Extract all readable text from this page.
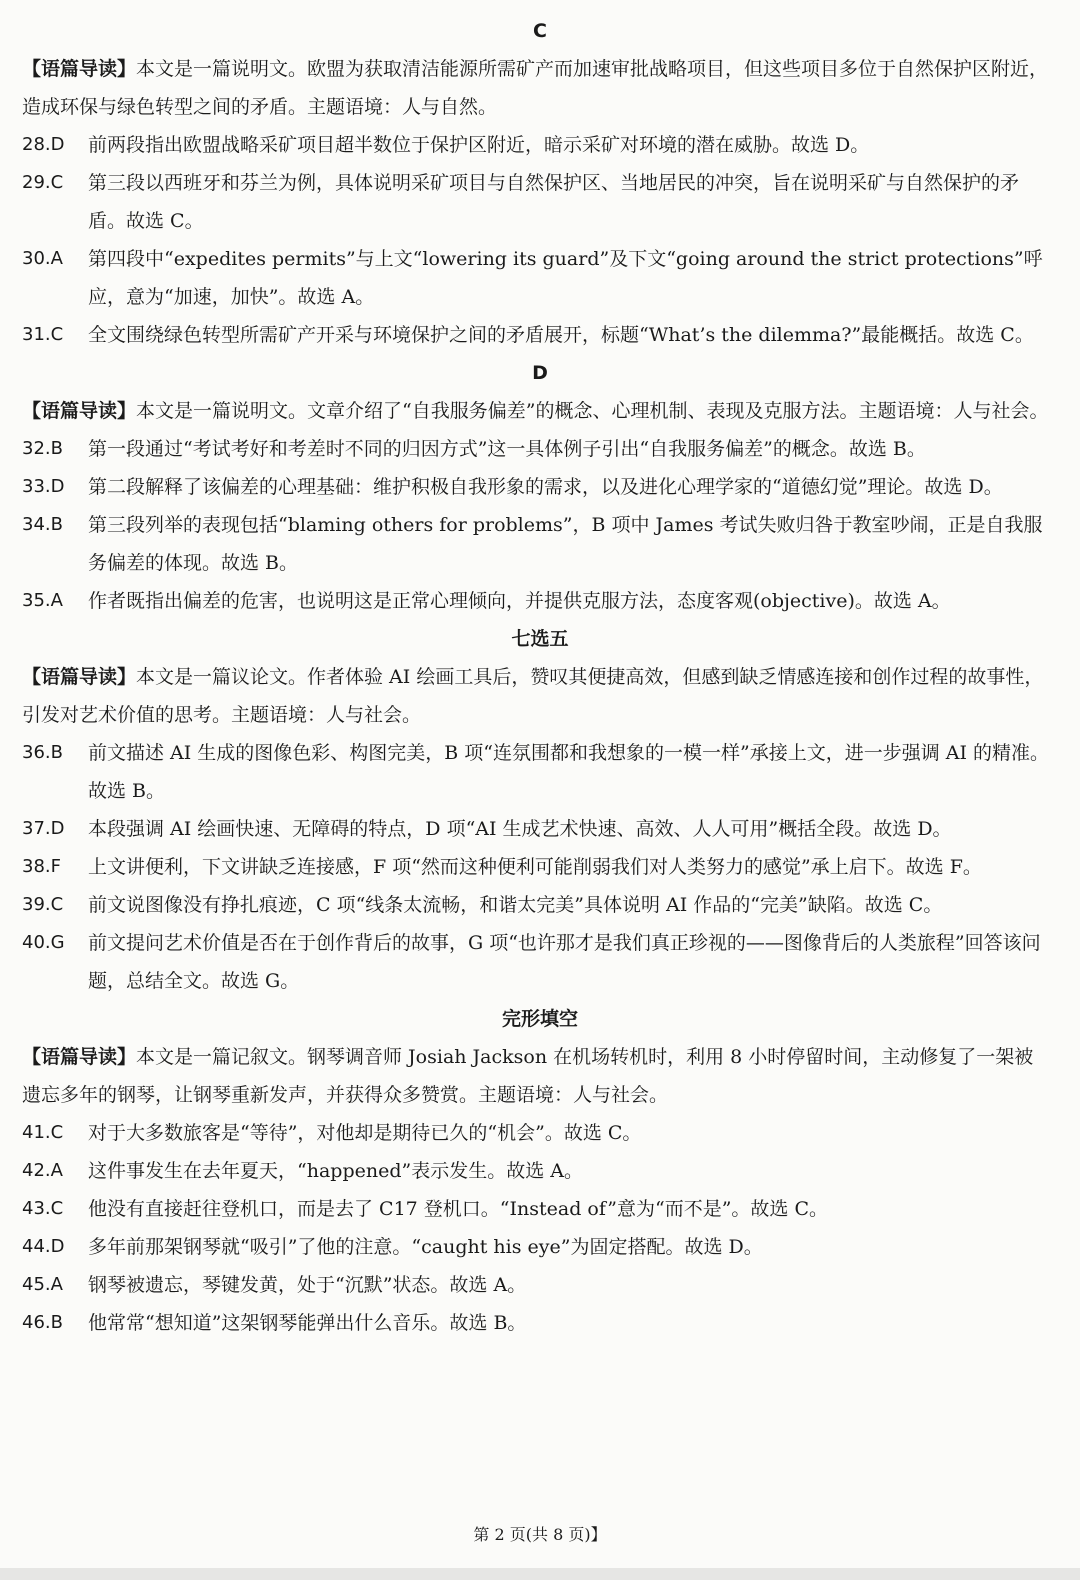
C
【语篇导读】本文是一篇说明文。欧盟为获取清洁能源所需矿产而加速审批战略项目，但这些项目多位于自然保护区附近，造成环保与绿色转型之间的矛盾。主题语境：人与自然。
28.D	前两段指出欧盟战略采矿项目超半数位于保护区附近，暗示采矿对环境的潜在威胁。故选 D。
29.C	第三段以西班牙和芬兰为例，具体说明采矿项目与自然保护区、当地居民的冲突，旨在说明采矿与自然保护的矛盾。故选 C。
30.A	第四段中“expedites permits”与上文“lowering its guard”及下文“going around the strict protections”呼应，意为“加速，加快”。故选 A。
31.C	全文围绕绿色转型所需矿产开采与环境保护之间的矛盾展开，标题“What’s the dilemma?”最能概括。故选 C。
D
【语篇导读】本文是一篇说明文。文章介绍了“自我服务偏差”的概念、心理机制、表现及克服方法。主题语境：人与社会。
32.B	第一段通过“考试考好和考差时不同的归因方式”这一具体例子引出“自我服务偏差”的概念。故选 B。
33.D	第二段解释了该偏差的心理基础：维护积极自我形象的需求，以及进化心理学家的“道德幻觉”理论。故选 D。
34.B	第三段列举的表现包括“blaming others for problems”，B 项中 James 考试失败归咎于教室吵闹，正是自我服务偏差的体现。故选 B。
35.A	作者既指出偏差的危害，也说明这是正常心理倾向，并提供克服方法，态度客观(objective)。故选 A。
七选五
【语篇导读】本文是一篇议论文。作者体验 AI 绘画工具后，赞叹其便捷高效，但感到缺乏情感连接和创作过程的故事性，引发对艺术价值的思考。主题语境：人与社会。
36.B	前文描述 AI 生成的图像色彩、构图完美，B 项“连氛围都和我想象的一模一样”承接上文，进一步强调 AI 的精准。故选 B。
37.D	本段强调 AI 绘画快速、无障碍的特点，D 项“AI 生成艺术快速、高效、人人可用”概括全段。故选 D。
38.F	上文讲便利，下文讲缺乏连接感，F 项“然而这种便利可能削弱我们对人类努力的感觉”承上启下。故选 F。
39.C	前文说图像没有挣扎痕迹，C 项“线条太流畅，和谐太完美”具体说明 AI 作品的“完美”缺陷。故选 C。
40.G	前文提问艺术价值是否在于创作背后的故事，G 项“也许那才是我们真正珍视的——图像背后的人类旅程”回答该问题，总结全文。故选 G。
完形填空
【语篇导读】本文是一篇记叙文。钢琴调音师 Josiah Jackson 在机场转机时，利用 8 小时停留时间，主动修复了一架被遗忘多年的钢琴，让钢琴重新发声，并获得众多赞赏。主题语境：人与社会。
41.C	对于大多数旅客是“等待”，对他却是期待已久的“机会”。故选 C。
42.A	这件事发生在去年夏天，“happened”表示发生。故选 A。
43.C	他没有直接赶往登机口，而是去了 C17 登机口。“Instead of”意为“而不是”。故选 C。
44.D	多年前那架钢琴就“吸引”了他的注意。“caught his eye”为固定搭配。故选 D。
45.A	钢琴被遗忘，琴键发黄，处于“沉默”状态。故选 A。
46.B	他常常“想知道”这架钢琴能弹出什么音乐。故选 B。
第 2 页(共 8 页)】
